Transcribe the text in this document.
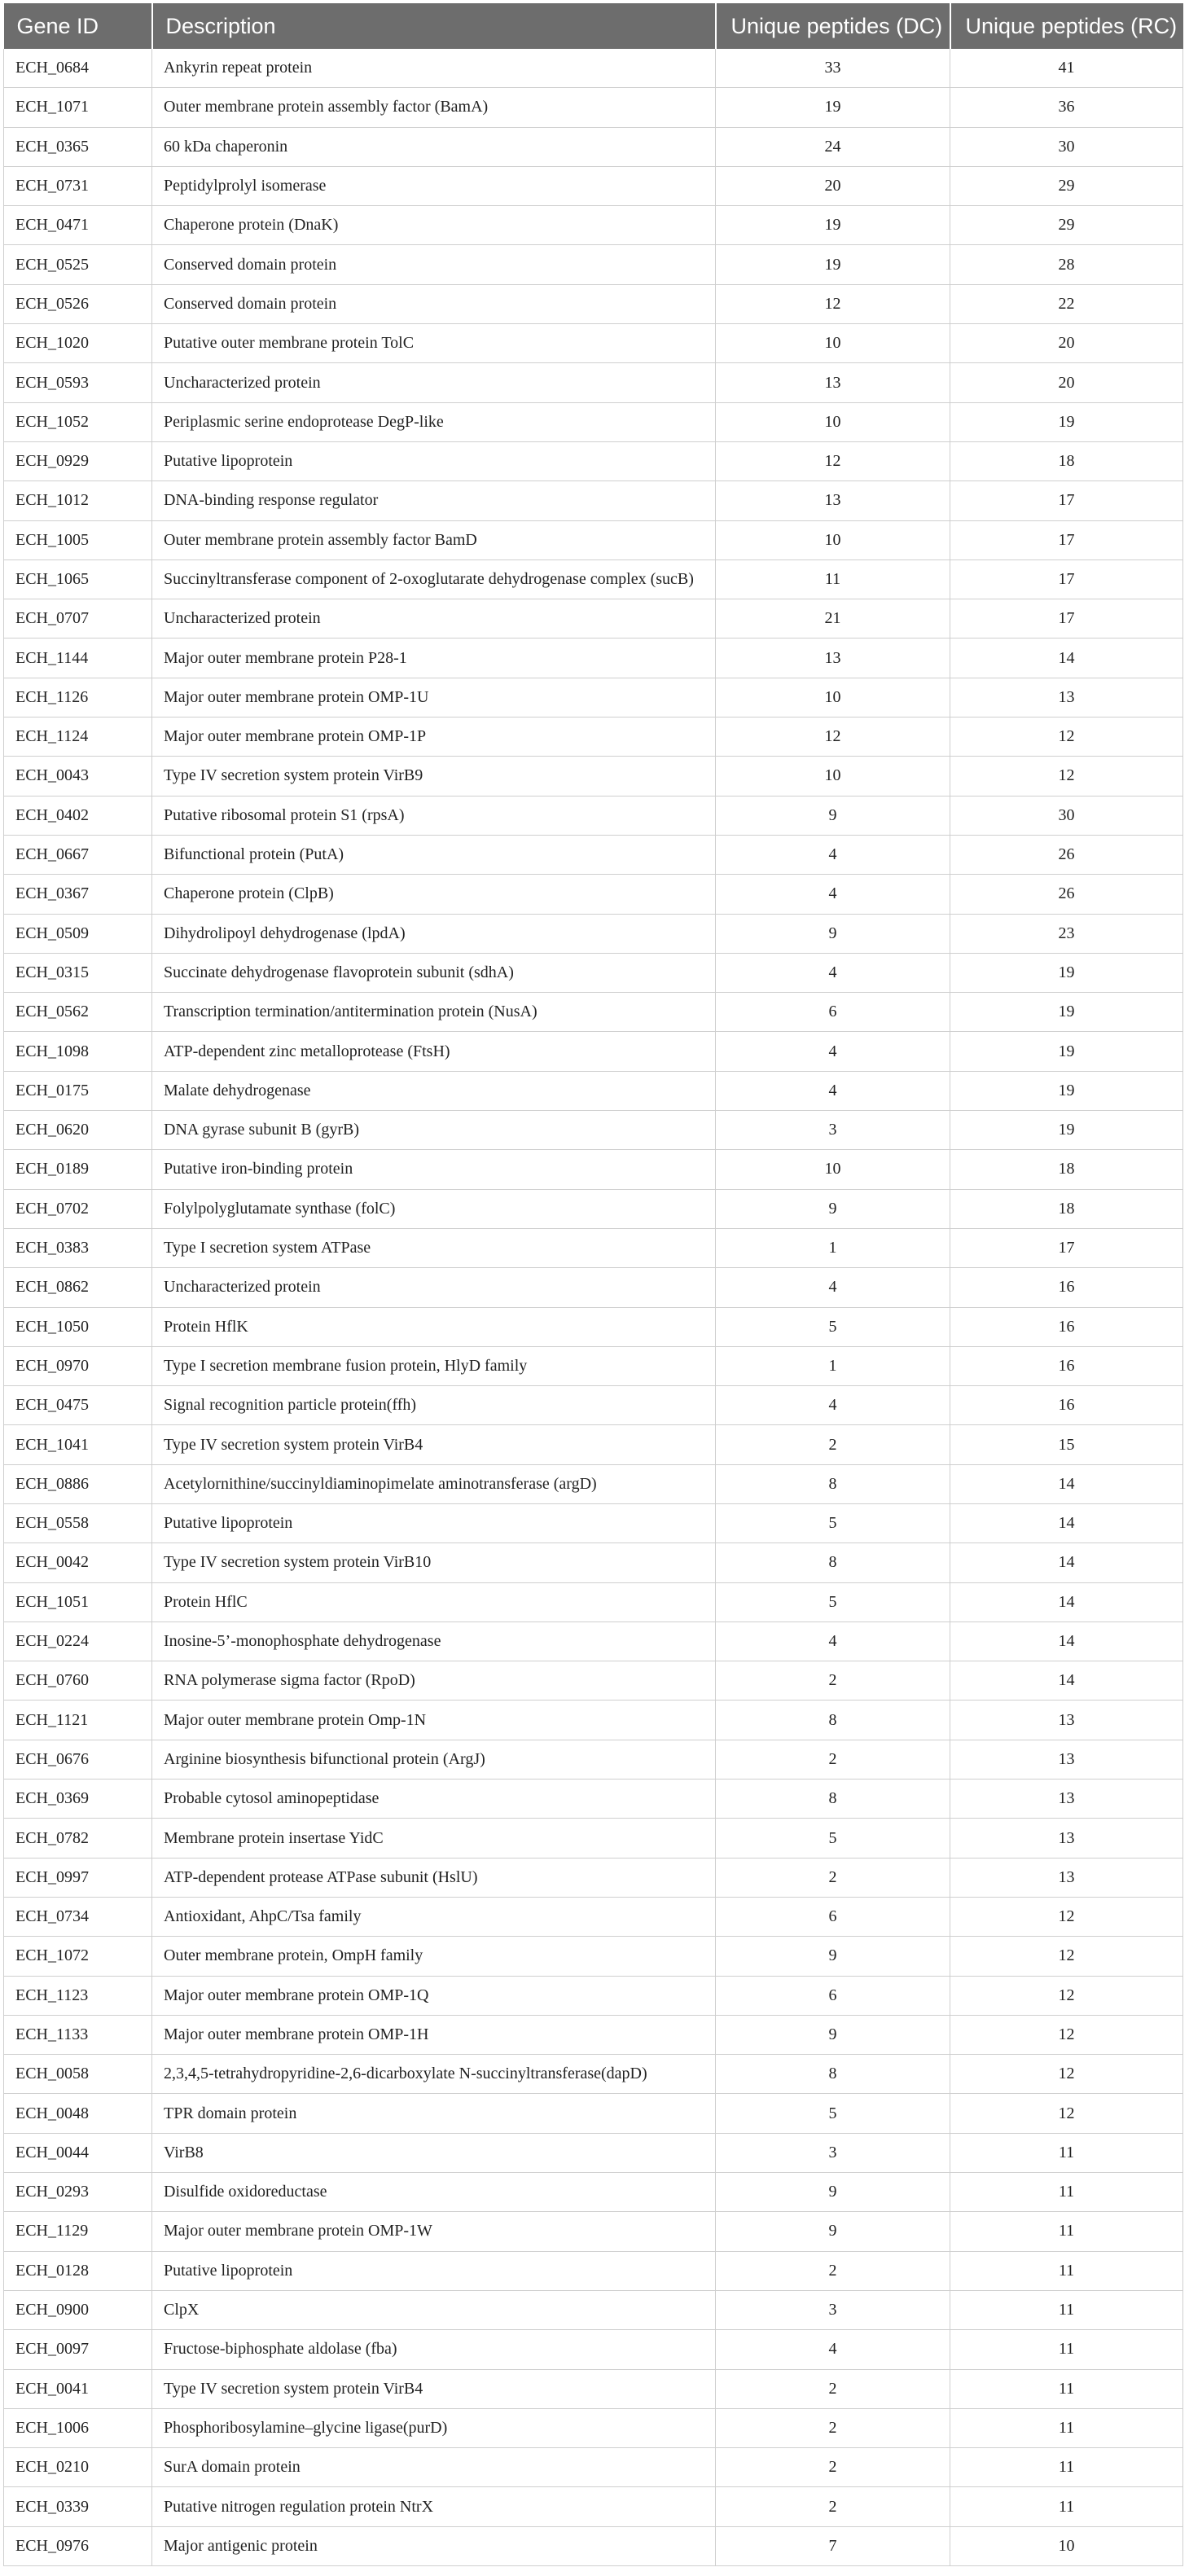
Gene ID	Description	Unique peptides (DC)	Unique peptides (RC)
ECH_0684	Ankyrin repeat protein	33	41
ECH_1071	Outer membrane protein assembly factor (BamA)	19	36
ECH_0365	60 kDa chaperonin	24	30
ECH_0731	Peptidylprolyl isomerase	20	29
ECH_0471	Chaperone protein (DnaK)	19	29
ECH_0525	Conserved domain protein	19	28
ECH_0526	Conserved domain protein	12	22
ECH_1020	Putative outer membrane protein TolC	10	20
ECH_0593	Uncharacterized protein	13	20
ECH_1052	Periplasmic serine endoprotease DegP-like	10	19
ECH_0929	Putative lipoprotein	12	18
ECH_1012	DNA-binding response regulator	13	17
ECH_1005	Outer membrane protein assembly factor BamD	10	17
ECH_1065	Succinyltransferase component of 2-oxoglutarate dehydrogenase complex (sucB)	11	17
ECH_0707	Uncharacterized protein	21	17
ECH_1144	Major outer membrane protein P28-1	13	14
ECH_1126	Major outer membrane protein OMP-1U	10	13
ECH_1124	Major outer membrane protein OMP-1P	12	12
ECH_0043	Type IV secretion system protein VirB9	10	12
ECH_0402	Putative ribosomal protein S1 (rpsA)	9	30
ECH_0667	Bifunctional protein (PutA)	4	26
ECH_0367	Chaperone protein (ClpB)	4	26
ECH_0509	Dihydrolipoyl dehydrogenase (lpdA)	9	23
ECH_0315	Succinate dehydrogenase flavoprotein subunit (sdhA)	4	19
ECH_0562	Transcription termination/antitermination protein (NusA)	6	19
ECH_1098	ATP-dependent zinc metalloprotease (FtsH)	4	19
ECH_0175	Malate dehydrogenase	4	19
ECH_0620	DNA gyrase subunit B (gyrB)	3	19
ECH_0189	Putative iron-binding protein	10	18
ECH_0702	Folylpolyglutamate synthase (folC)	9	18
ECH_0383	Type I secretion system ATPase	1	17
ECH_0862	Uncharacterized protein	4	16
ECH_1050	Protein HflK	5	16
ECH_0970	Type I secretion membrane fusion protein, HlyD family	1	16
ECH_0475	Signal recognition particle protein(ffh)	4	16
ECH_1041	Type IV secretion system protein VirB4	2	15
ECH_0886	Acetylornithine/succinyldiaminopimelate aminotransferase (argD)	8	14
ECH_0558	Putative lipoprotein	5	14
ECH_0042	Type IV secretion system protein VirB10	8	14
ECH_1051	Protein HflC	5	14
ECH_0224	Inosine-5’-monophosphate dehydrogenase	4	14
ECH_0760	RNA polymerase sigma factor (RpoD)	2	14
ECH_1121	Major outer membrane protein Omp-1N	8	13
ECH_0676	Arginine biosynthesis bifunctional protein (ArgJ)	2	13
ECH_0369	Probable cytosol aminopeptidase	8	13
ECH_0782	Membrane protein insertase YidC	5	13
ECH_0997	ATP-dependent protease ATPase subunit (HslU)	2	13
ECH_0734	Antioxidant, AhpC/Tsa family	6	12
ECH_1072	Outer membrane protein, OmpH family	9	12
ECH_1123	Major outer membrane protein OMP-1Q	6	12
ECH_1133	Major outer membrane protein OMP-1H	9	12
ECH_0058	2,3,4,5-tetrahydropyridine-2,6-dicarboxylate N-succinyltransferase(dapD)	8	12
ECH_0048	TPR domain protein	5	12
ECH_0044	VirB8	3	11
ECH_0293	Disulfide oxidoreductase	9	11
ECH_1129	Major outer membrane protein OMP-1W	9	11
ECH_0128	Putative lipoprotein	2	11
ECH_0900	ClpX	3	11
ECH_0097	Fructose-biphosphate aldolase (fba)	4	11
ECH_0041	Type IV secretion system protein VirB4	2	11
ECH_1006	Phosphoribosylamine–glycine ligase(purD)	2	11
ECH_0210	SurA domain protein	2	11
ECH_0339	Putative nitrogen regulation protein NtrX	2	11
ECH_0976	Major antigenic protein	7	10
